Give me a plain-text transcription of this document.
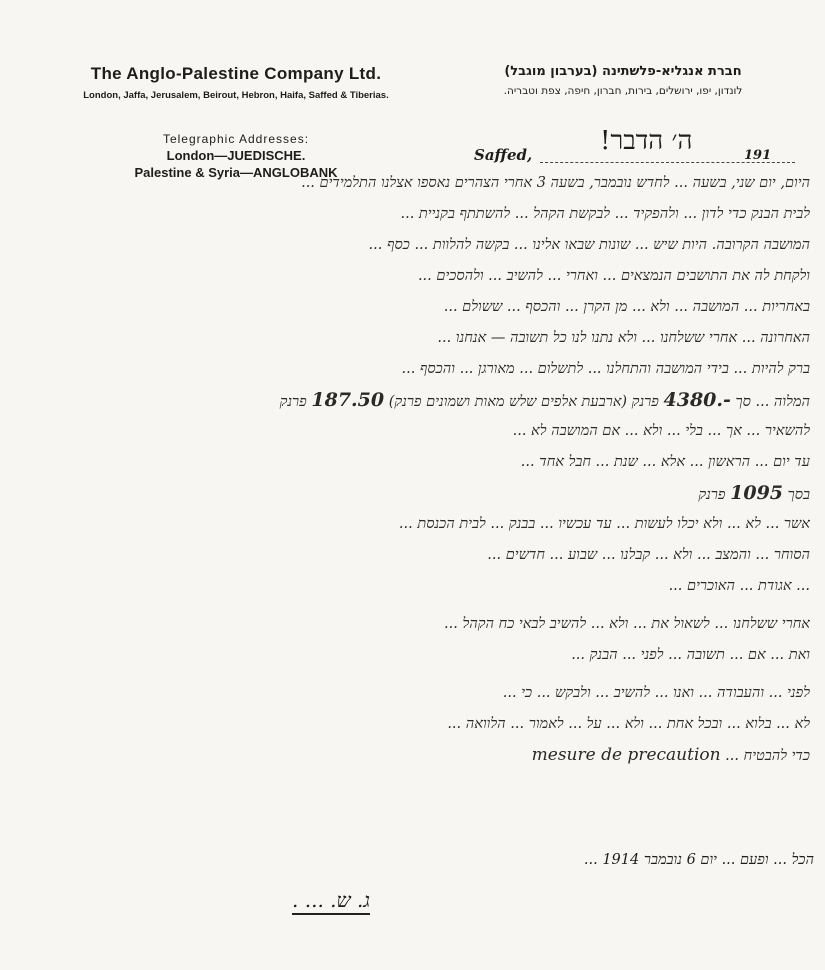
The Anglo-Palestine Company Ltd.
London, Jaffa, Jerusalem, Beirout, Hebron, Haifa, Saffed & Tiberias.
חברת אנגליא-פלשתינה (בערבון מוגבל)
לונדון, יפו, ירושלים, בירות, חברון, חיפה, צפת וטבריה.
Telegraphic Addresses:
London—JUEDISCHE.
Palestine & Syria—ANGLOBANK
Saffed,	ה׳ הדבר!	191
היום, יום שני, בשעה ... לחדש נובמבר, בשעה 3 אחרי הצהרים נאספו אצלנו התלמידים ...
לבית הבנק כדי לדון ... ולהפקיד ... לבקשת הקהל ... להשתתף בקניית ...
המושבה הקרובה. היות שיש ... שונות שבאו אלינו ... בקשה להלוות ... כסף ...
ולקחת לה את התושבים הנמצאים ... ואחרי ... להשיב ... ולהסכים ...
באחריות ... המושבה ... ולא ... מן הקרן ... והכסף ... ששולם ...
האחרונה ... אחרי ששלחנו ... ולא נתנו לנו כל תשובה — אנחנו ...
ברק להיות ... בידי המושבה והתחלנו ... לתשלום ... מאורגן ... והכסף ...
המלוה ... סך 4380.- פרנק (ארבעת אלפים שלש מאות ושמונים פרנק) 187.50 פרנק
להשאיר ... אך ... בלי ... ולא ... אם המושבה לא ...
עד יום ... הראשון ... אלא ... שנת ... חבל אחד ...
בסך 1095 פרנק
אשר ... לא ... ולא יכלו לעשות ... עד עכשיו ... בבנק ... לבית הכנסת ...
הסוחר ... והמצב ... ולא ... קבלנו ... שבוע ... חדשים ...
... אגודת ... האוכרים ...
אחרי ששלחנו ... לשאול את ... ולא ... להשיב לבאי כח הקהל ...
ואת ... אם ... תשובה ... לפני ... הבנק ...
לפני ... והעבודה ... ואנו ... להשיב ... ולבקש ... כי ...
לא ... בלוא ... ובכל אחת ... ולא ... על ... לאמור ... הלוואה ...
כדי להבטיח ... mesure de precaution
הכל ... ופעם ... יום 6 נובמבר 1914 ...
ג. ש. ... .
